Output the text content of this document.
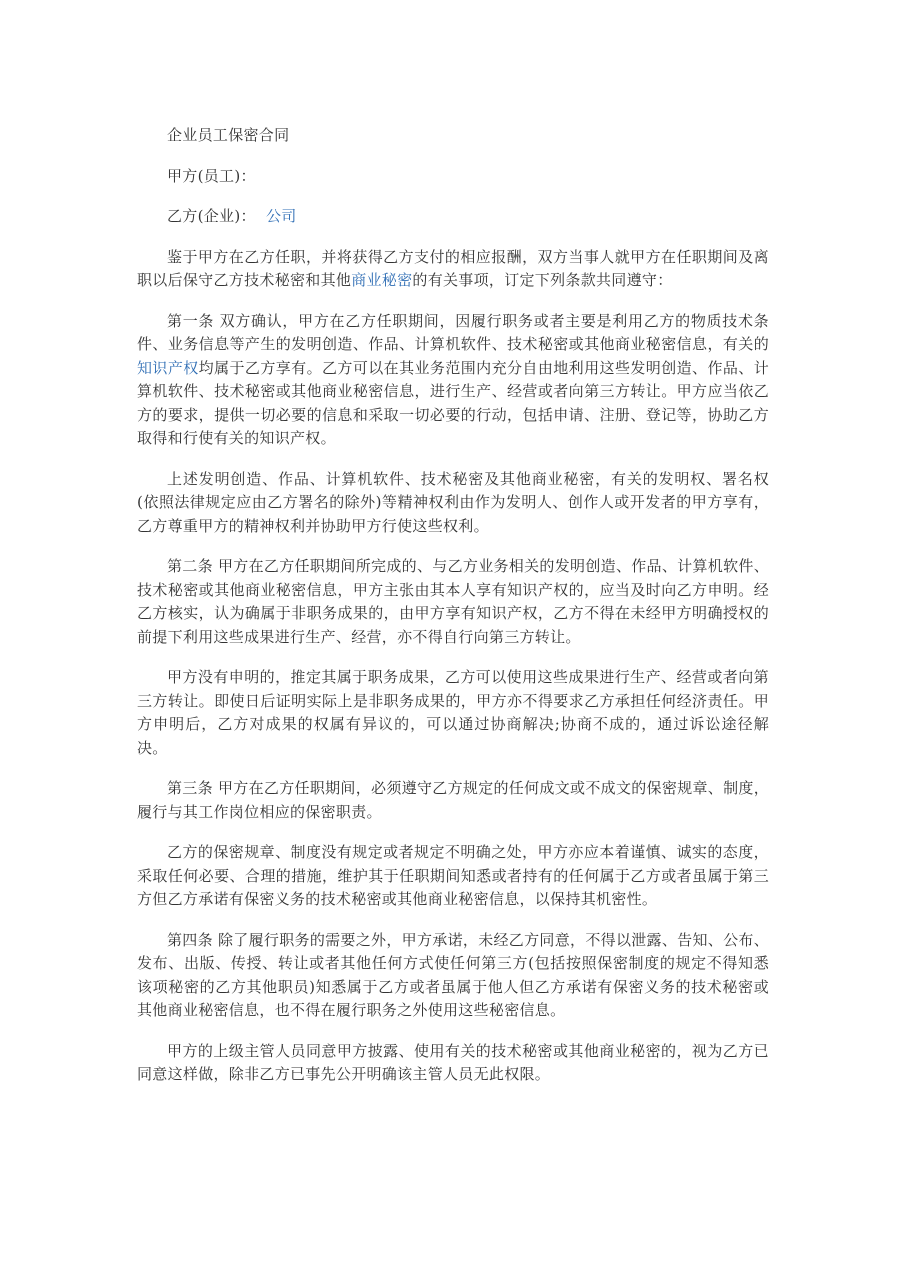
企业员工保密合同

甲方(员工)：

乙方(企业)： 公司

鉴于甲方在乙方任职，并将获得乙方支付的相应报酬，双方当事人就甲方在任职期间及离职以后保守乙方技术秘密和其他商业秘密的有关事项，订定下列条款共同遵守：

第一条 双方确认，甲方在乙方任职期间，因履行职务或者主要是利用乙方的物质技术条件、业务信息等产生的发明创造、作品、计算机软件、技术秘密或其他商业秘密信息，有关的知识产权均属于乙方享有。乙方可以在其业务范围内充分自由地利用这些发明创造、作品、计算机软件、技术秘密或其他商业秘密信息，进行生产、经营或者向第三方转让。甲方应当依乙方的要求，提供一切必要的信息和采取一切必要的行动，包括申请、注册、登记等，协助乙方取得和行使有关的知识产权。

上述发明创造、作品、计算机软件、技术秘密及其他商业秘密，有关的发明权、署名权(依照法律规定应由乙方署名的除外)等精神权利由作为发明人、创作人或开发者的甲方享有，乙方尊重甲方的精神权利并协助甲方行使这些权利。

第二条 甲方在乙方任职期间所完成的、与乙方业务相关的发明创造、作品、计算机软件、技术秘密或其他商业秘密信息，甲方主张由其本人享有知识产权的，应当及时向乙方申明。经乙方核实，认为确属于非职务成果的，由甲方享有知识产权，乙方不得在未经甲方明确授权的前提下利用这些成果进行生产、经营，亦不得自行向第三方转让。

甲方没有申明的，推定其属于职务成果，乙方可以使用这些成果进行生产、经营或者向第三方转让。即使日后证明实际上是非职务成果的，甲方亦不得要求乙方承担任何经济责任。甲方申明后，乙方对成果的权属有异议的，可以通过协商解决;协商不成的，通过诉讼途径解决。

第三条 甲方在乙方任职期间，必须遵守乙方规定的任何成文或不成文的保密规章、制度，履行与其工作岗位相应的保密职责。

乙方的保密规章、制度没有规定或者规定不明确之处，甲方亦应本着谨慎、诚实的态度，采取任何必要、合理的措施，维护其于任职期间知悉或者持有的任何属于乙方或者虽属于第三方但乙方承诺有保密义务的技术秘密或其他商业秘密信息，以保持其机密性。

第四条 除了履行职务的需要之外，甲方承诺，未经乙方同意，不得以泄露、告知、公布、发布、出版、传授、转让或者其他任何方式使任何第三方(包括按照保密制度的规定不得知悉该项秘密的乙方其他职员)知悉属于乙方或者虽属于他人但乙方承诺有保密义务的技术秘密或其他商业秘密信息，也不得在履行职务之外使用这些秘密信息。

甲方的上级主管人员同意甲方披露、使用有关的技术秘密或其他商业秘密的，视为乙方已同意这样做，除非乙方已事先公开明确该主管人员无此权限。
